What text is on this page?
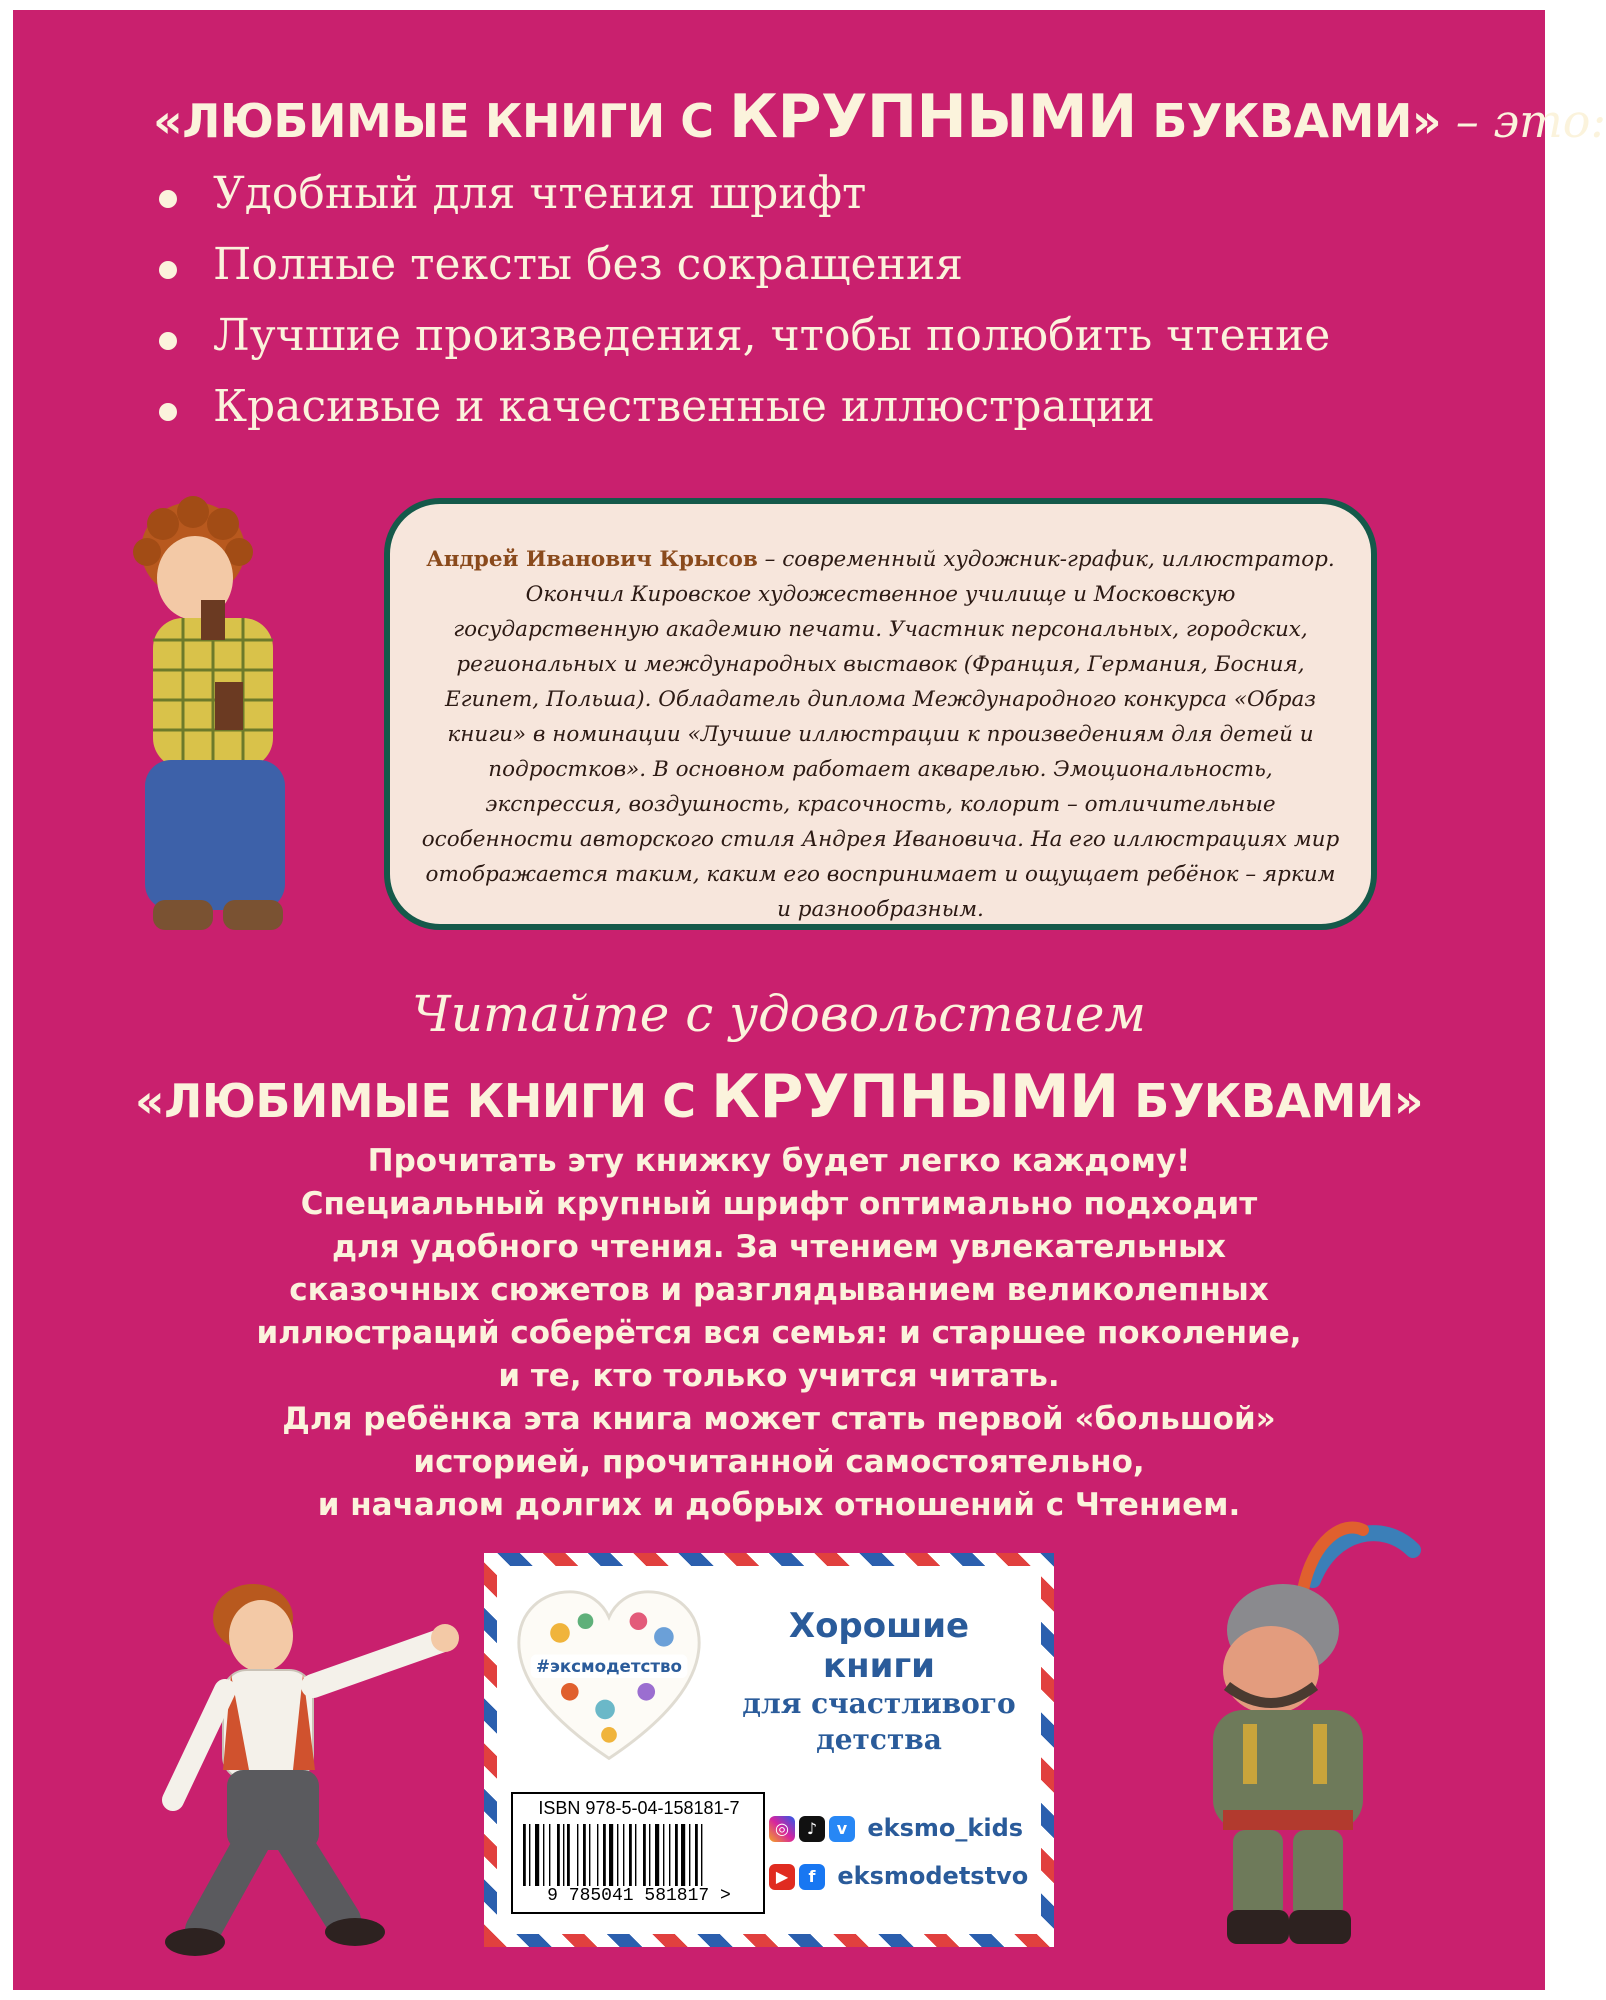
«ЛЮБИМЫЕ КНИГИ С КРУПНЫМИ БУКВАМИ» – это:
Удобный для чтения шрифт
Полные тексты без сокращения
Лучшие произведения, чтобы полюбить чтение
Красивые и качественные иллюстрации
Андрей Иванович Крысов – современный художник-график, иллюстратор. Окончил Кировское художественное училище и Московскую государственную академию печати. Участник персональных, городских, региональных и международных выставок (Франция, Германия, Босния, Египет, Польша). Обладатель диплома Международного конкурса «Образ книги» в номинации «Лучшие иллюстрации к произведениям для детей и подростков». В основном работает акварелью. Эмоциональность, экспрессия, воздушность, красочность, колорит – отличительные особенности авторского стиля Андрея Ивановича. На его иллюстрациях мир отображается таким, каким его воспринимает и ощущает ребёнок – ярким и разнообразным.
Читайте с удовольствием
«ЛЮБИМЫЕ КНИГИ С КРУПНЫМИ БУКВАМИ»

Прочитать эту книжку будет легко каждому!

Специальный крупный шрифт оптимально подходит

для удобного чтения. За чтением увлекательных

сказочных сюжетов и разглядыванием великолепных

иллюстраций соберётся вся семья: и старшее поколение,

и те, кто только учится читать.

Для ребёнка эта книга может стать первой «большой»

историей, прочитанной самостоятельно,

и началом долгих и добрых отношений с Чтением.

#эксмодетство
Хорошие
книги
для счастливого
детства
ISBN 978-5-04-158181-7
9 785041 581817 >
◎ ♪ v eksmo_kids
▶ f eksmodetstvo
